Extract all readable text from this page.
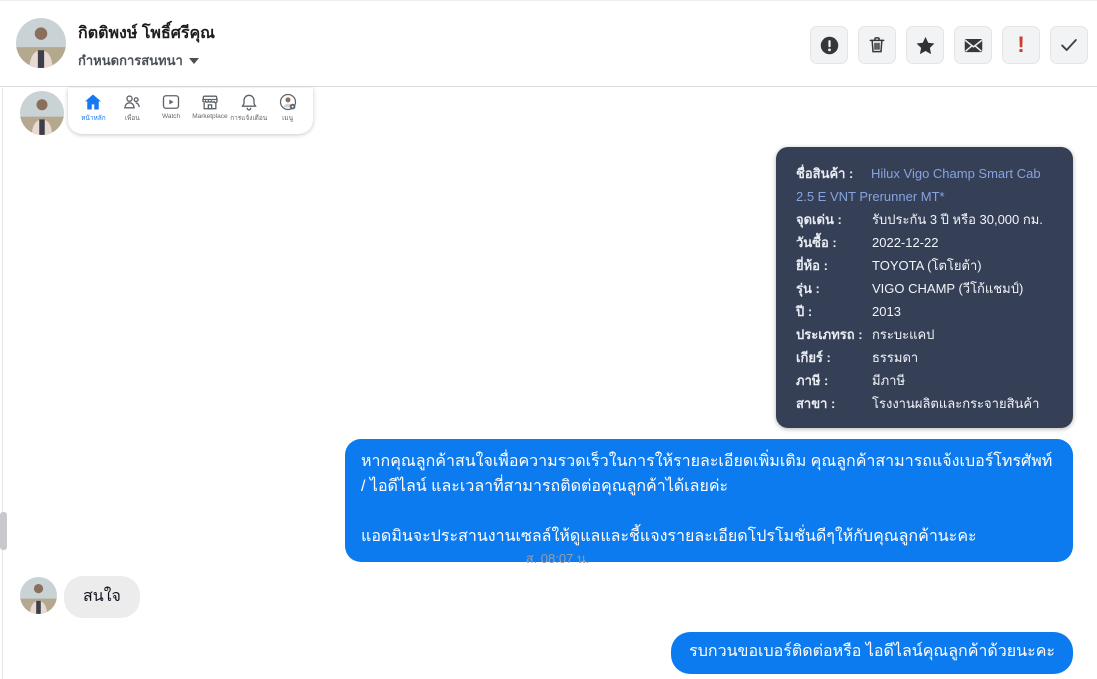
กิตติพงษ์ โพธิ์ศรีคุณ
กำหนดการสนทนา
!
หน้าหลัก	เพื่อน	Watch Marketplace การแจ้งเตือน เมนู

ชื่อสินค้า : Hilux Vigo Champ Smart Cab 2.5 E VNT Prerunner MT*

จุดเด่น :	รับประกัน 3 ปี หรือ 30,000 กม.
วันซื้อ :	2022-12-22
ยี่ห้อ :	TOYOTA (โตโยต้า)
รุ่น :	VIGO CHAMP (วีโก้แชมป์)
ปี :	2013
ประเภทรถ : กระบะแคป
เกียร์ :	ธรรมดา
ภาษี :	มีภาษี
สาขา :	โรงงานผลิตและกระจายสินค้า

หากคุณลูกค้าสนใจเพื่อความรวดเร็วในการให้รายละเอียดเพิ่มเติม คุณลูกค้าสามารถแจ้งเบอร์โทรศัพท์ / ไอดีไลน์ และเวลาที่สามารถติดต่อคุณลูกค้าได้เลยค่ะ

แอดมินจะประสานงานเซลล์ให้ดูแลและชี้แจงรายละเอียดโปรโมชั่นดีๆให้กับคุณลูกค้านะคะ

ส. 08:07 น.
สนใจ
รบกวนขอเบอร์ติดต่อหรือ ไอดีไลน์คุณลูกค้าด้วยนะคะ
